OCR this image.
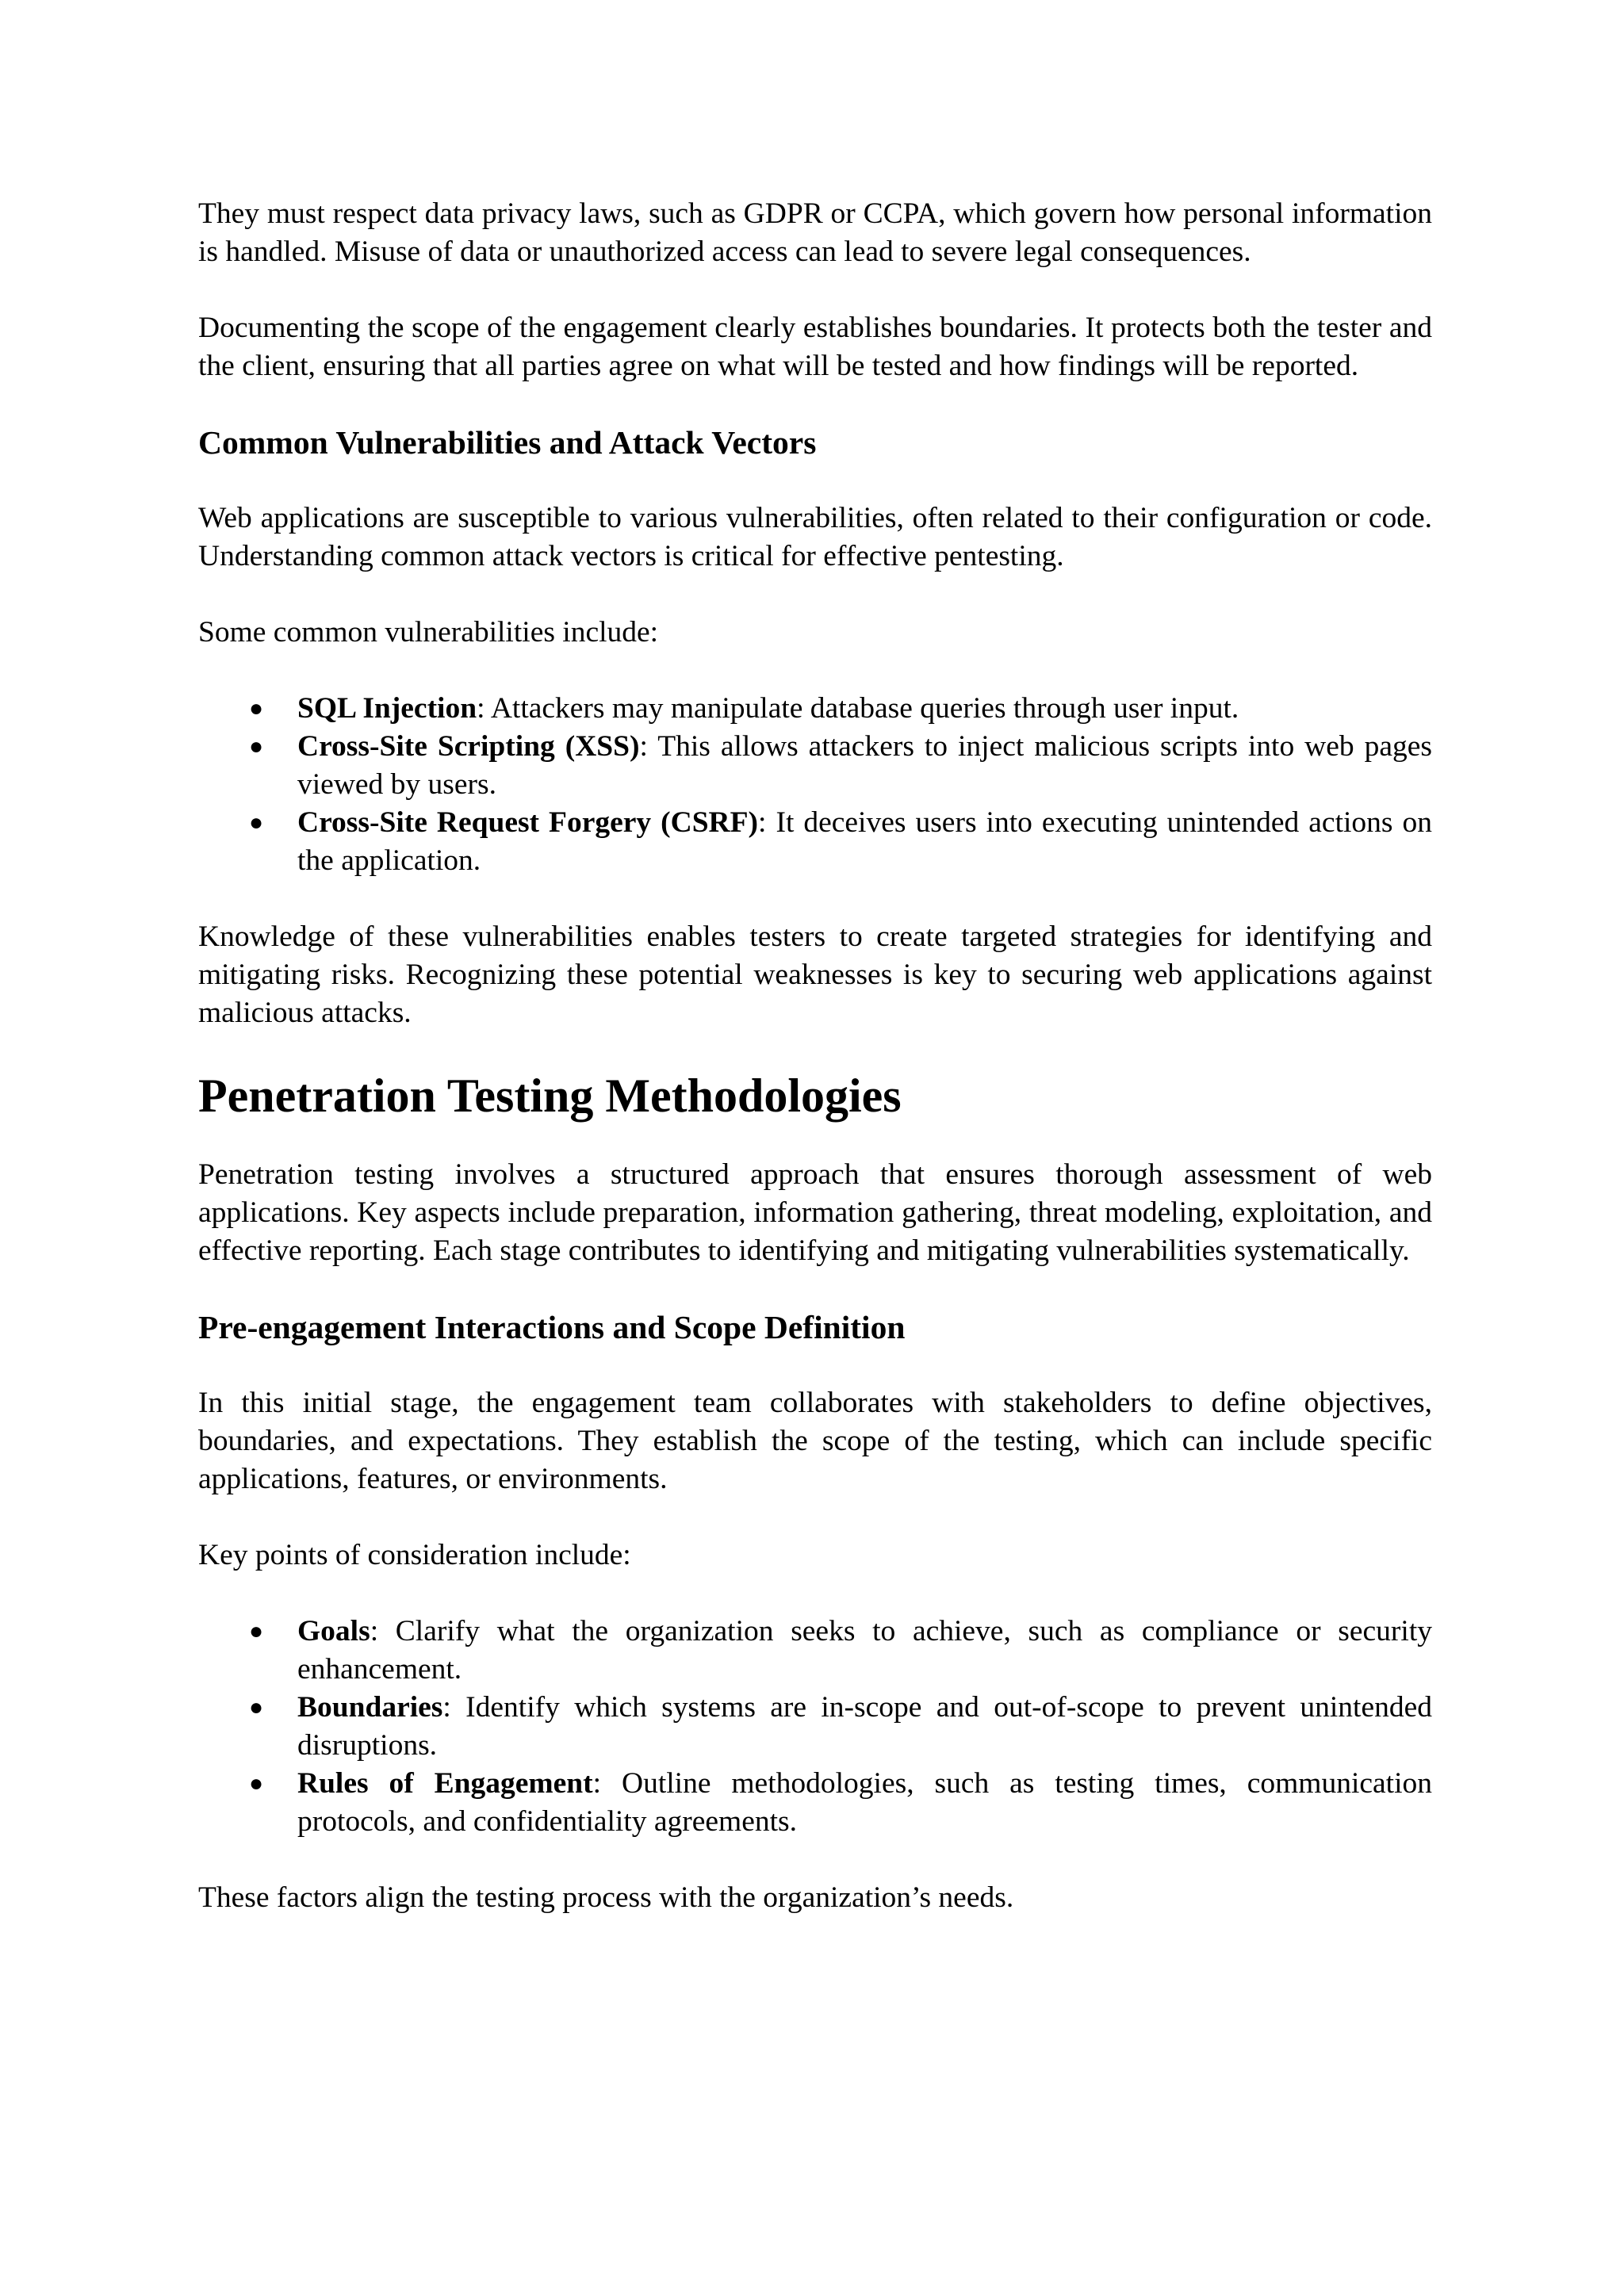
They must respect data privacy laws, such as GDPR or CCPA, which govern how personal information is handled. Misuse of data or unauthorized access can lead to severe legal consequences.

Documenting the scope of the engagement clearly establishes boundaries. It protects both the tester and the client, ensuring that all parties agree on what will be tested and how findings will be reported.

Common Vulnerabilities and Attack Vectors

Web applications are susceptible to various vulnerabilities, often related to their configuration or code. Understanding common attack vectors is critical for effective pentesting.

Some common vulnerabilities include:

● SQL Injection: Attackers may manipulate database queries through user input.
● Cross-Site Scripting (XSS): This allows attackers to inject malicious scripts into web pages viewed by users.
● Cross-Site Request Forgery (CSRF): It deceives users into executing unintended actions on the application.

Knowledge of these vulnerabilities enables testers to create targeted strategies for identifying and mitigating risks. Recognizing these potential weaknesses is key to securing web applications against malicious attacks.

Penetration Testing Methodologies

Penetration testing involves a structured approach that ensures thorough assessment of web applications. Key aspects include preparation, information gathering, threat modeling, exploitation, and effective reporting. Each stage contributes to identifying and mitigating vulnerabilities systematically.

Pre-engagement Interactions and Scope Definition

In this initial stage, the engagement team collaborates with stakeholders to define objectives, boundaries, and expectations. They establish the scope of the testing, which can include specific applications, features, or environments.

Key points of consideration include:

● Goals: Clarify what the organization seeks to achieve, such as compliance or security enhancement.
● Boundaries: Identify which systems are in-scope and out-of-scope to prevent unintended disruptions.
● Rules of Engagement: Outline methodologies, such as testing times, communication protocols, and confidentiality agreements.

These factors align the testing process with the organization’s needs.
